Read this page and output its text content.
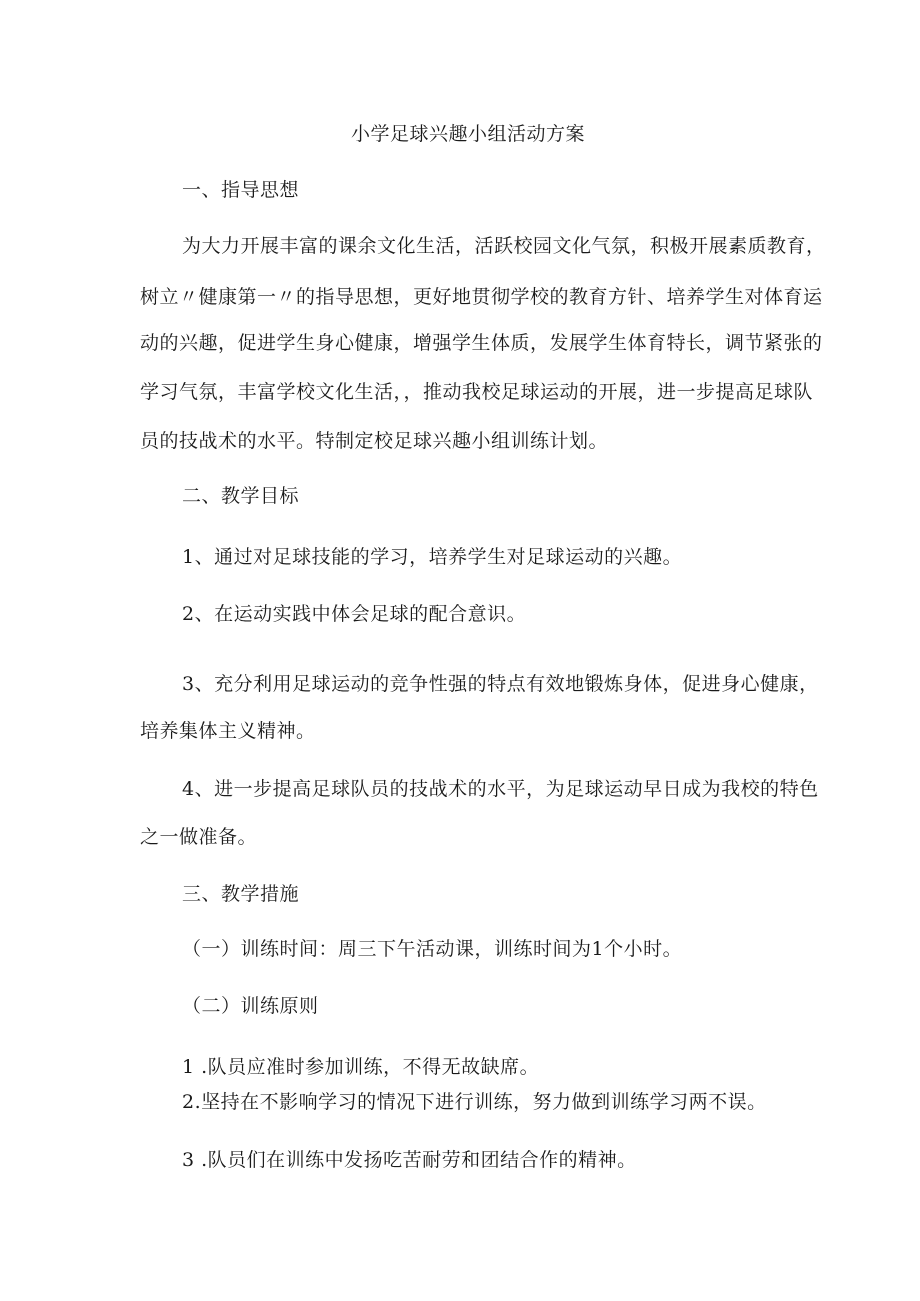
小学足球兴趣小组活动方案
一、指导思想
为大力开展丰富的课余文化生活，活跃校园文化气氛，积极开展素质教育，
树立〃健康第一〃的指导思想，更好地贯彻学校的教育方针、培养学生对体育运
动的兴趣，促进学生身心健康，增强学生体质，发展学生体育特长，调节紧张的
学习气氛，丰富学校文化生活，，推动我校足球运动的开展，进一步提高足球队
员的技战术的水平。特制定校足球兴趣小组训练计划。
二、教学目标
1、通过对足球技能的学习，培养学生对足球运动的兴趣。
2、在运动实践中体会足球的配合意识。
3、充分利用足球运动的竞争性强的特点有效地锻炼身体，促进身心健康，
培养集体主义精神。
4、进一步提高足球队员的技战术的水平，为足球运动早日成为我校的特色
之一做准备。
三、教学措施
（一）训练时间：周三下午活动课，训练时间为1个小时。
（二）训练原则
1 .队员应准时参加训练，不得无故缺席。
2.坚持在不影响学习的情况下进行训练，努力做到训练学习两不误。
3 .队员们在训练中发扬吃苦耐劳和团结合作的精神。
